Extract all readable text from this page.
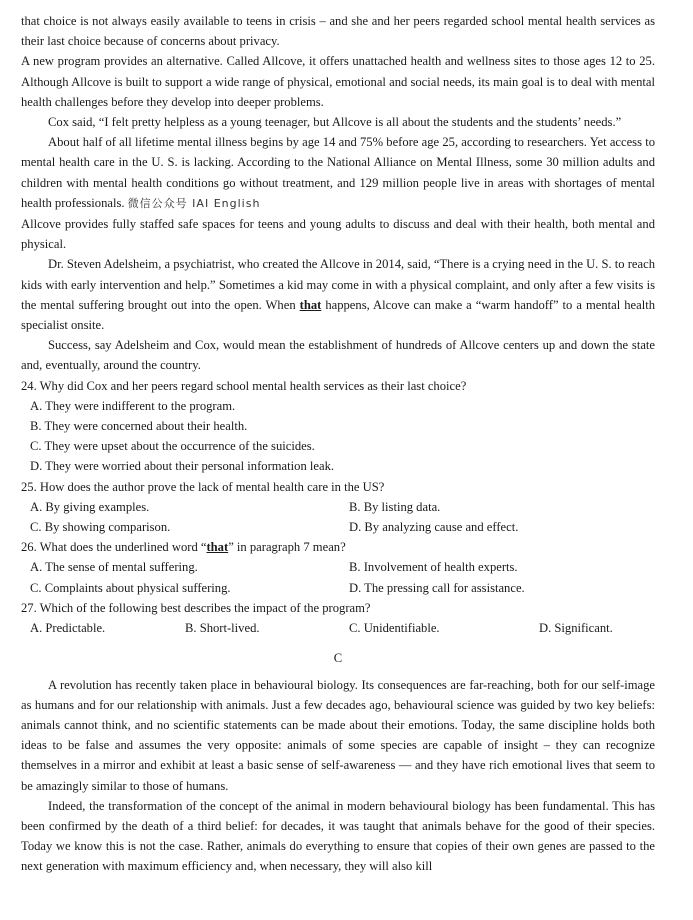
that choice is not always easily available to teens in crisis – and she and her peers regarded school mental health services as their last choice because of concerns about privacy.

A new program provides an alternative. Called Allcove, it offers unattached health and wellness sites to those ages 12 to 25. Although Allcove is built to support a wide range of physical, emotional and social needs, its main goal is to deal with mental health challenges before they develop into deeper problems.

Cox said, “I felt pretty helpless as a young teenager, but Allcove is all about the students and the students’ needs.”

About half of all lifetime mental illness begins by age 14 and 75% before age 25, according to researchers. Yet access to mental health care in the U. S. is lacking. According to the National Alliance on Mental Illness, some 30 million adults and children with mental health conditions go without treatment, and 129 million people live in areas with shortages of mental health professionals. 微信公众号 IAI English

Allcove provides fully staffed safe spaces for teens and young adults to discuss and deal with their health, both mental and physical.

Dr. Steven Adelsheim, a psychiatrist, who created the Allcove in 2014, said, “There is a crying need in the U. S. to reach kids with early intervention and help.” Sometimes a kid may come in with a physical complaint, and only after a few visits is the mental suffering brought out into the open. When that happens, Alcove can make a “warm handoff” to a mental health specialist onsite.

Success, say Adelsheim and Cox, would mean the establishment of hundreds of Allcove centers up and down the state and, eventually, around the country.

24. Why did Cox and her peers regard school mental health services as their last choice?
A. They were indifferent to the program.
B. They were concerned about their health.
C. They were upset about the occurrence of the suicides.
D. They were worried about their personal information leak.
25. How does the author prove the lack of mental health care in the US?
A. By giving examples.	B. By listing data.
C. By showing comparison.	D. By analyzing cause and effect.
26. What does the underlined word “that” in paragraph 7 mean?
A. The sense of mental suffering.	B. Involvement of health experts.
C. Complaints about physical suffering.	D. The pressing call for assistance.
27. Which of the following best describes the impact of the program?
A. Predictable.	B. Short-lived.	C. Unidentifiable.	D. Significant.
C

A revolution has recently taken place in behavioural biology. Its consequences are far-reaching, both for our self-image as humans and for our relationship with animals. Just a few decades ago, behavioural science was guided by two key beliefs: animals cannot think, and no scientific statements can be made about their emotions. Today, the same discipline holds both ideas to be false and assumes the very opposite: animals of some species are capable of insight – they can recognize themselves in a mirror and exhibit at least a basic sense of self-awareness — and they have rich emotional lives that seem to be amazingly similar to those of humans.

Indeed, the transformation of the concept of the animal in modern behavioural biology has been fundamental. This has been confirmed by the death of a third belief: for decades, it was taught that animals behave for the good of their species. Today we know this is not the case. Rather, animals do everything to ensure that copies of their own genes are passed to the next generation with maximum efficiency and, when necessary, they will also kill
